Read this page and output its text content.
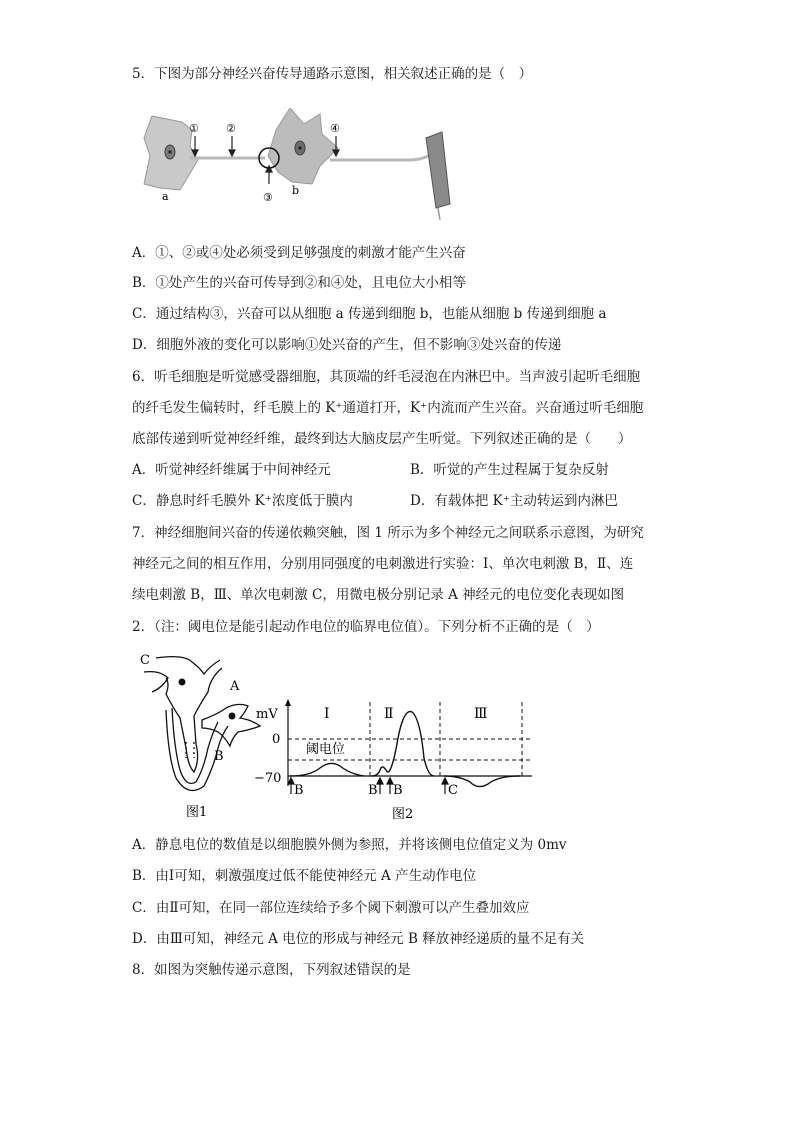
5．下图为部分神经兴奋传导通路示意图，相关叙述正确的是（　）
a	b
① ②	④
③
A．①、②或④处必须受到足够强度的刺激才能产生兴奋
B．①处产生的兴奋可传导到②和④处，且电位大小相等
C．通过结构③，兴奋可以从细胞 a 传递到细胞 b，也能从细胞 b 传递到细胞 a
D．细胞外液的变化可以影响①处兴奋的产生，但不影响③处兴奋的传递
6．听毛细胞是听觉感受器细胞，其顶端的纤毛浸泡在内淋巴中。当声波引起听毛细胞
的纤毛发生偏转时，纤毛膜上的 K⁺通道打开，K⁺内流而产生兴奋。兴奋通过听毛细胞
底部传递到听觉神经纤维，最终到达大脑皮层产生听觉。下列叙述正确的是（　　）
A．听觉神经纤维属于中间神经元	B．听觉的产生过程属于复杂反射
C．静息时纤毛膜外 K⁺浓度低于膜内	D．有载体把 K⁺主动转运到内淋巴
7．神经细胞间兴奋的传递依赖突触，图 1 所示为多个神经元之间联系示意图，为研究
神经元之间的相互作用，分别用同强度的电刺激进行实验：Ⅰ、单次电刺激 B，Ⅱ、连
续电刺激 B，Ⅲ、单次电刺激 C，用微电极分别记录 A 神经元的电位变化表现如图
2．（注：阈电位是能引起动作电位的临界电位值）。下列分析不正确的是（　）
C
A
B
图1
mV
0
−70
阈电位
Ⅰ	Ⅱ	Ⅲ
B	B B	C
图2
A．静息电位的数值是以细胞膜外侧为参照，并将该侧电位值定义为 0mv
B．由Ⅰ可知，刺激强度过低不能使神经元 A 产生动作电位
C．由Ⅱ可知，在同一部位连续给予多个阈下刺激可以产生叠加效应
D．由Ⅲ可知，神经元 A 电位的形成与神经元 B 释放神经递质的量不足有关
8．如图为突触传递示意图，下列叙述错误的是
